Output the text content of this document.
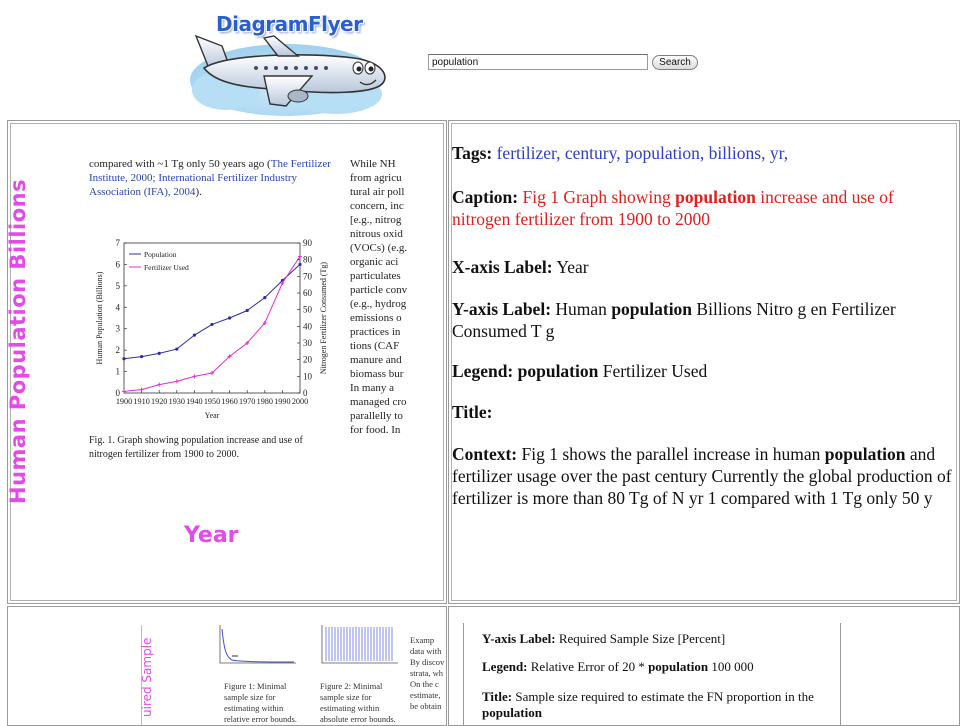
DiagramFlyer
population
Search
Human Population Billions
Year
compared with ~1 Tg only 50 years ago (The Fertilizer Institute, 2000; International Fertilizer Industry Association (IFA), 2004).
While NH
from agricu
tural air poll
concern, inc
[e.g., nitrog
nitrous oxid
(VOCs) (e.g.
organic aci
particulates
particle conv
(e.g., hydrog
emissions o
practices in
tions (CAF
manure and
biomass bur
In many a
managed cro
parallelly to
for food. In
0
1
2
3
4
5
6
7
0
10
20
30
40
50
60
70
80
90
1900 1910 1920 1930 1940 1950 1960 1970 1980 1990 2000
Year
Human Population (Billions)	Nitrogen Fertilizer Consumed (Tg)
Population
Fertilizer Used
Fig. 1. Graph showing population increase and use of nitrogen fertilizer from 1900 to 2000.
Tags: fertilizer, century, population, billions, yr,
Caption: Fig 1 Graph showing population increase and use of nitrogen fertilizer from 1900 to 2000
X-axis Label: Year
Y-axis Label: Human population Billions Nitro g en Fertilizer Consumed T g
Legend: population Fertilizer Used
Title:
Context: Fig 1 shows the parallel increase in human population and fertilizer usage over the past century Currently the global production of fertilizer is more than 80 Tg of N yr 1 compared with 1 Tg only 50 y
uired Sample	Figure 1: Minimal sample size for estimating within relative error bounds.
Figure 2: Minimal sample size for estimating within absolute error bounds.
Examp
data with
By discov
strata, wh
On the c
estimate,
be obtain
Y-axis Label: Required Sample Size [Percent]
Legend: Relative Error of 20 * population 100 000
Title: Sample size required to estimate the FN proportion in the population
